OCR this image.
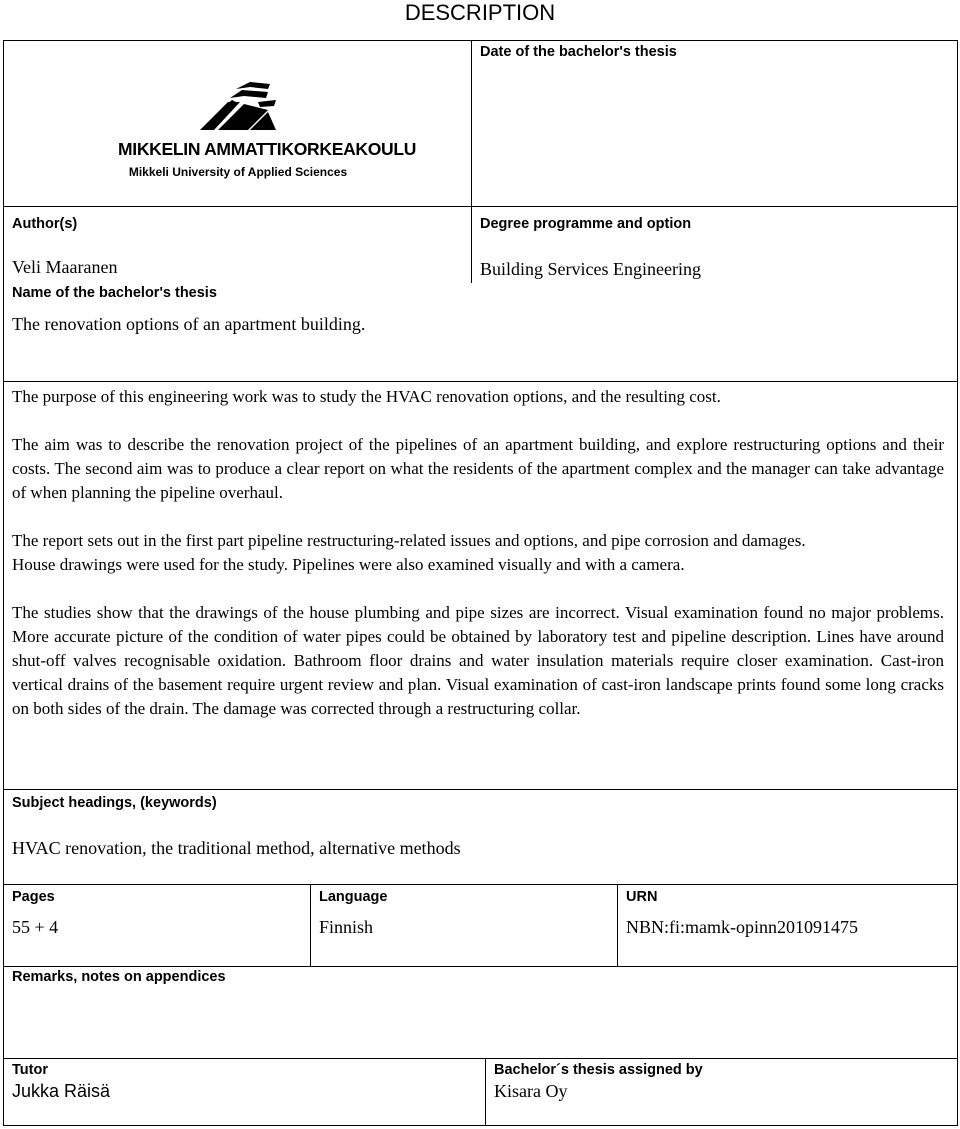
DESCRIPTION
MIKKELIN AMMATTIKORKEAKOULU
Mikkeli University of Applied Sciences
Date of the bachelor's thesis
Author(s)
Veli Maaranen
Degree programme and option
Building Services Engineering
Name of the bachelor's thesis
The renovation options of an apartment building.

The purpose of this engineering work was to study the HVAC renovation options, and the resulting cost.

The aim was to describe the renovation project of the pipelines of an apartment building, and explore restructuring options and their costs. The second aim was to produce a clear report on what the residents of the apartment complex and the manager can take advantage of when planning the pipeline overhaul.

The report sets out in the first part pipeline restructuring-related issues and options, and pipe corrosion and damages.
House drawings were used for the study. Pipelines were also examined visually and with a camera.

The studies show that the drawings of the house plumbing and pipe sizes are incorrect. Visual examination found no major problems. More accurate picture of the condition of water pipes could be obtained by laboratory test and pipeline description. Lines have around shut-off valves recognisable oxidation. Bathroom floor drains and water insulation materials require closer examination. Cast-iron vertical drains of the basement require urgent review and plan. Visual examination of cast-iron landscape prints found some long cracks on both sides of the drain. The damage was corrected through a restructuring collar.

Subject headings, (keywords)
HVAC renovation, the traditional method, alternative methods
Pages
55 + 4
Language
Finnish
URN
NBN:fi:mamk-opinn201091475
Remarks, notes on appendices
Tutor
Jukka Räisä
Bachelor´s thesis assigned by
Kisara Oy
